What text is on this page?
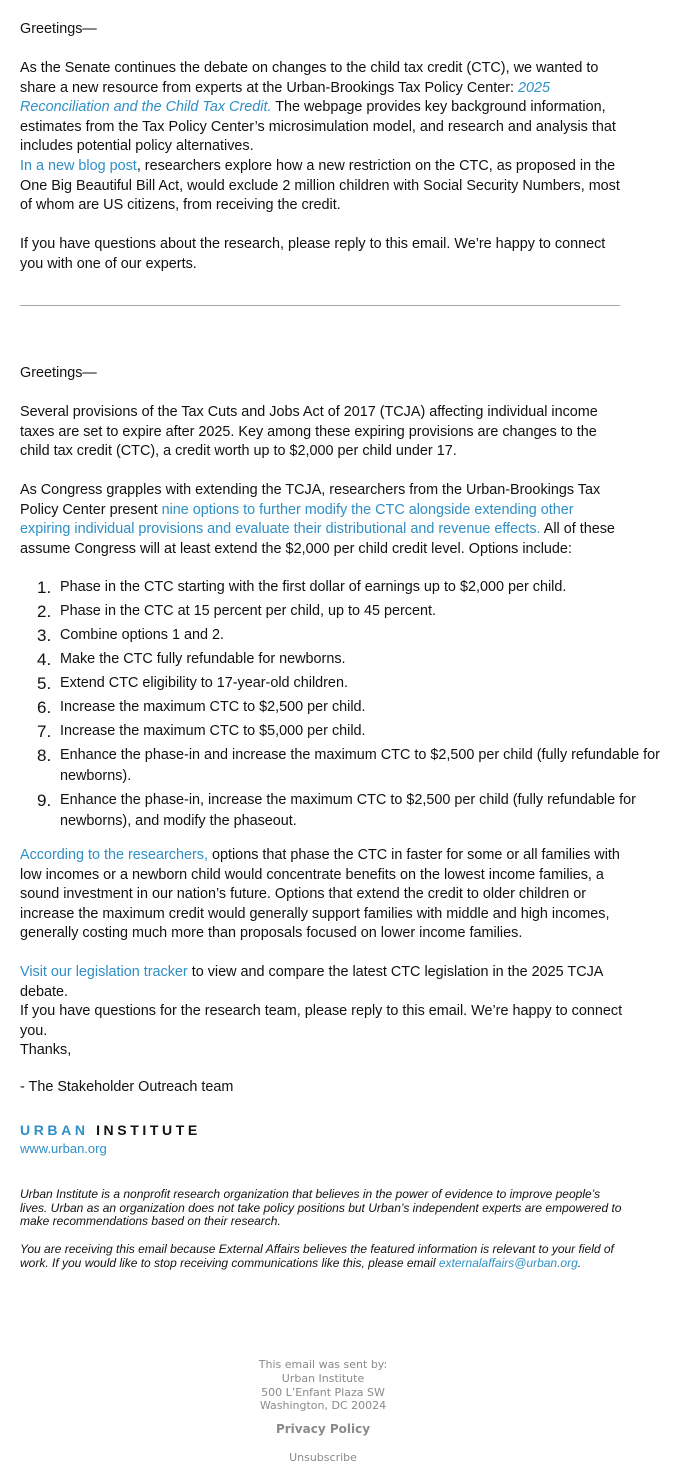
Greetings—

As the Senate continues the debate on changes to the child tax credit (CTC), we wanted to share a new resource from experts at the Urban-Brookings Tax Policy Center: 2025 Reconciliation and the Child Tax Credit. The webpage provides key background information, estimates from the Tax Policy Center’s microsimulation model, and research and analysis that includes potential policy alternatives.

In a new blog post, researchers explore how a new restriction on the CTC, as proposed in the One Big Beautiful Bill Act, would exclude 2 million children with Social Security Numbers, most of whom are US citizens, from receiving the credit.

If you have questions about the research, please reply to this email. We’re happy to connect you with one of our experts.

Greetings—

Several provisions of the Tax Cuts and Jobs Act of 2017 (TCJA) affecting individual income taxes are set to expire after 2025. Key among these expiring provisions are changes to the child tax credit (CTC), a credit worth up to $2,000 per child under 17.

As Congress grapples with extending the TCJA, researchers from the Urban-Brookings Tax Policy Center present nine options to further modify the CTC alongside extending other expiring individual provisions and evaluate their distributional and revenue effects. All of these assume Congress will at least extend the $2,000 per child credit level. Options include:

1. Phase in the CTC starting with the first dollar of earnings up to $2,000 per child.
2. Phase in the CTC at 15 percent per child, up to 45 percent.
3. Combine options 1 and 2.
4. Make the CTC fully refundable for newborns.
5. Extend CTC eligibility to 17-year-old children.
6. Increase the maximum CTC to $2,500 per child.
7. Increase the maximum CTC to $5,000 per child.
8. Enhance the phase-in and increase the maximum CTC to $2,500 per child (fully refundable for newborns).
9. Enhance the phase-in, increase the maximum CTC to $2,500 per child (fully refundable for newborns), and modify the phaseout.

According to the researchers, options that phase the CTC in faster for some or all families with low incomes or a newborn child would concentrate benefits on the lowest income families, a sound investment in our nation’s future. Options that extend the credit to older children or increase the maximum credit would generally support families with middle and high incomes, generally costing much more than proposals focused on lower income families.

Visit our legislation tracker to view and compare the latest CTC legislation in the 2025 TCJA debate.

If you have questions for the research team, please reply to this email. We’re happy to connect you.

Thanks,

- The Stakeholder Outreach team

URBAN INSTITUTE
www.urban.org
Urban Institute is a nonprofit research organization that believes in the power of evidence to improve people’s lives. Urban as an organization does not take policy positions but Urban’s independent experts are empowered to make recommendations based on their research.
You are receiving this email because External Affairs believes the featured information is relevant to your field of work. If you would like to stop receiving communications like this, please email externalaffairs@urban.org.
This email was sent by:
Urban Institute
500 L’Enfant Plaza SW
Washington, DC 20024
Privacy Policy
Unsubscribe
